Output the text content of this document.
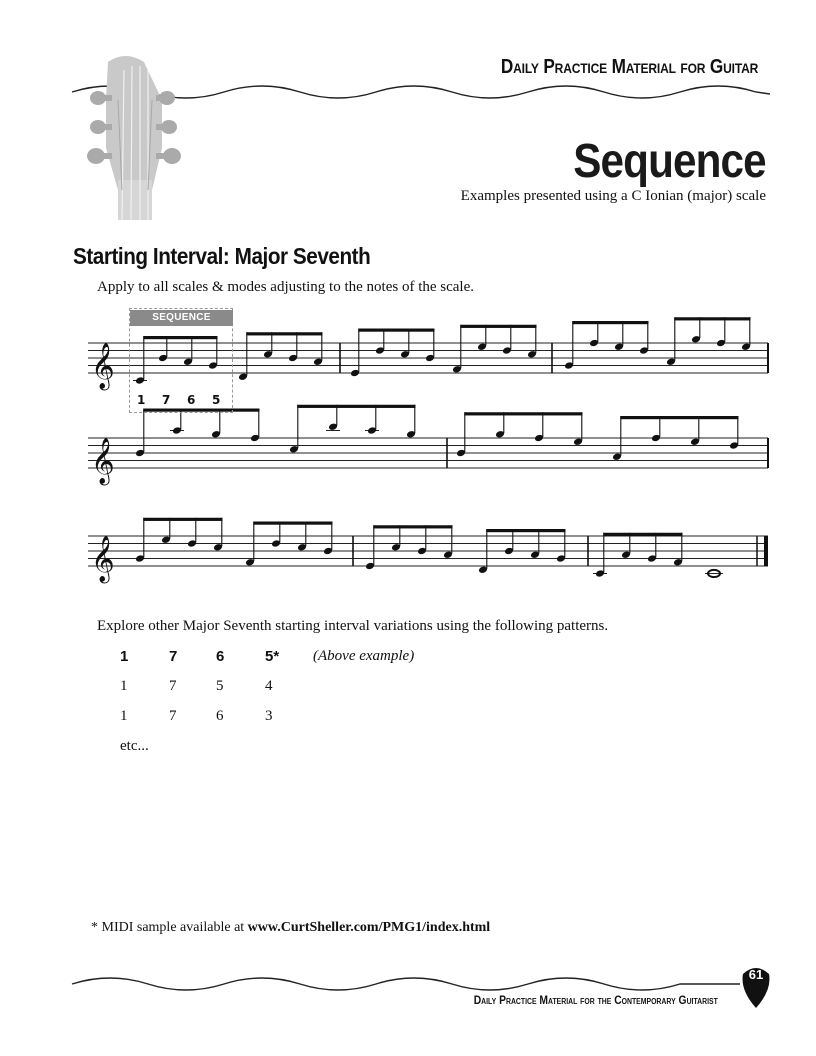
𝄞
𝄞
𝄞
Daily Practice Material for Guitar
Sequence
Examples presented using a C Ionian (major) scale
Starting Interval: Major Seventh
Apply to all scales & modes adjusting to the notes of the scale.
SEQUENCE
1 7 6 5
Explore other Major Seventh starting interval variations using the following patterns.
1	7	6	5* (Above example)
1	7	5	4
1	7	6	3
etc...
* MIDI sample available at www.CurtSheller.com/PMG1/index.html
Daily Practice Material for the Contemporary Guitarist
61
